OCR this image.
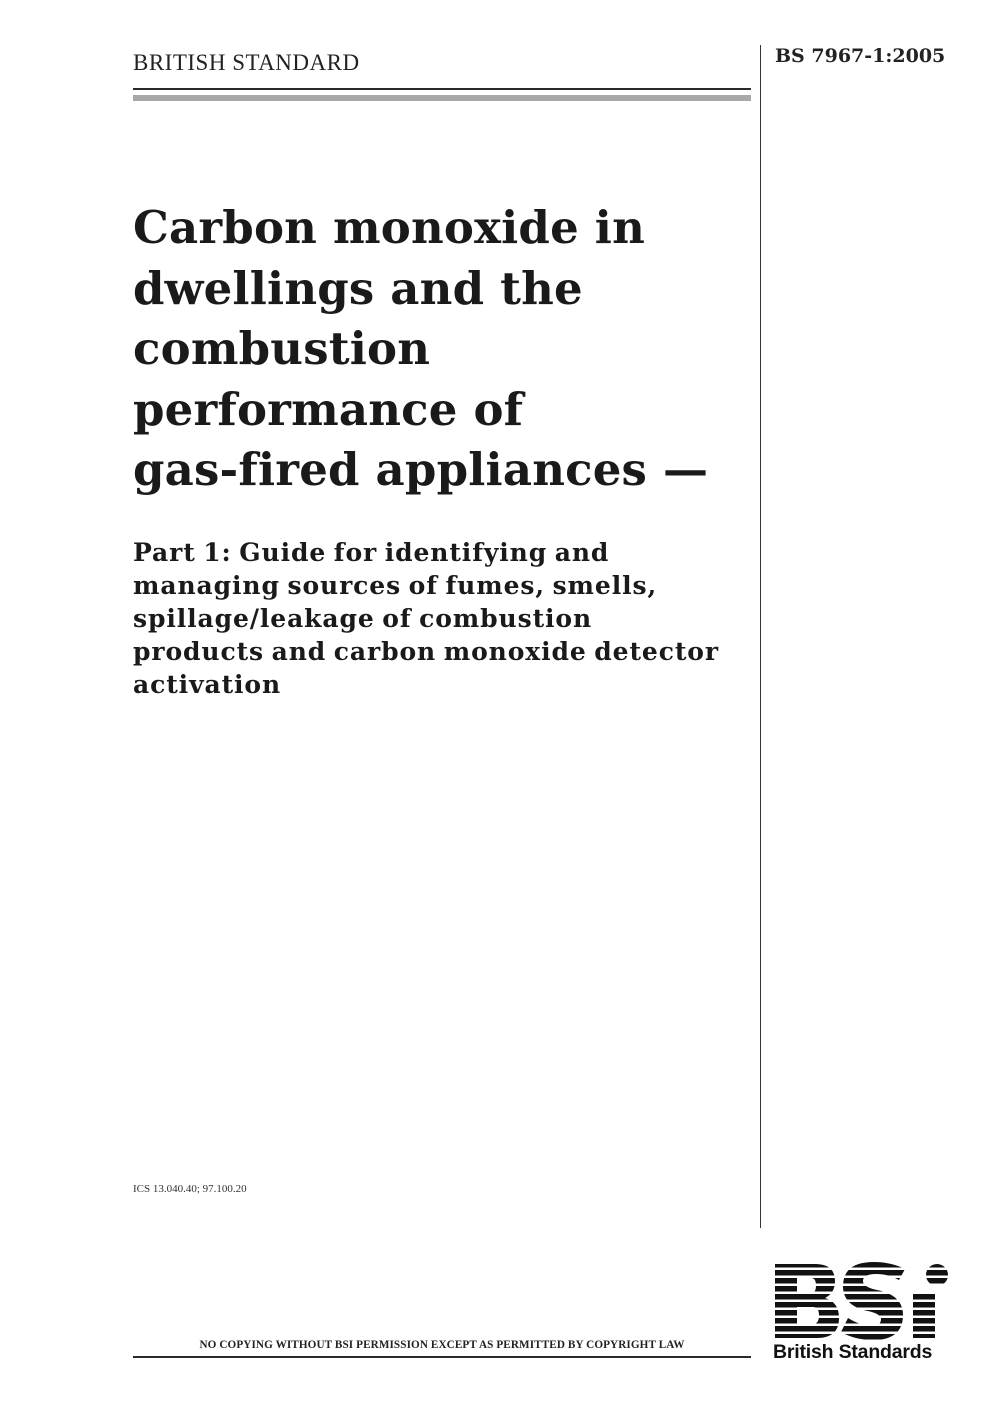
BRITISH STANDARD	BS 7967-1:2005
Carbon monoxide in
dwellings and the
combustion
performance of
gas-fired appliances —
Part 1: Guide for identifying and
managing sources of fumes, smells,
spillage/leakage of combustion
products and carbon monoxide detector
activation
ICS 13.040.40; 97.100.20
NO COPYING WITHOUT BSI PERMISSION EXCEPT AS PERMITTED BY COPYRIGHT LAW	British Standards
